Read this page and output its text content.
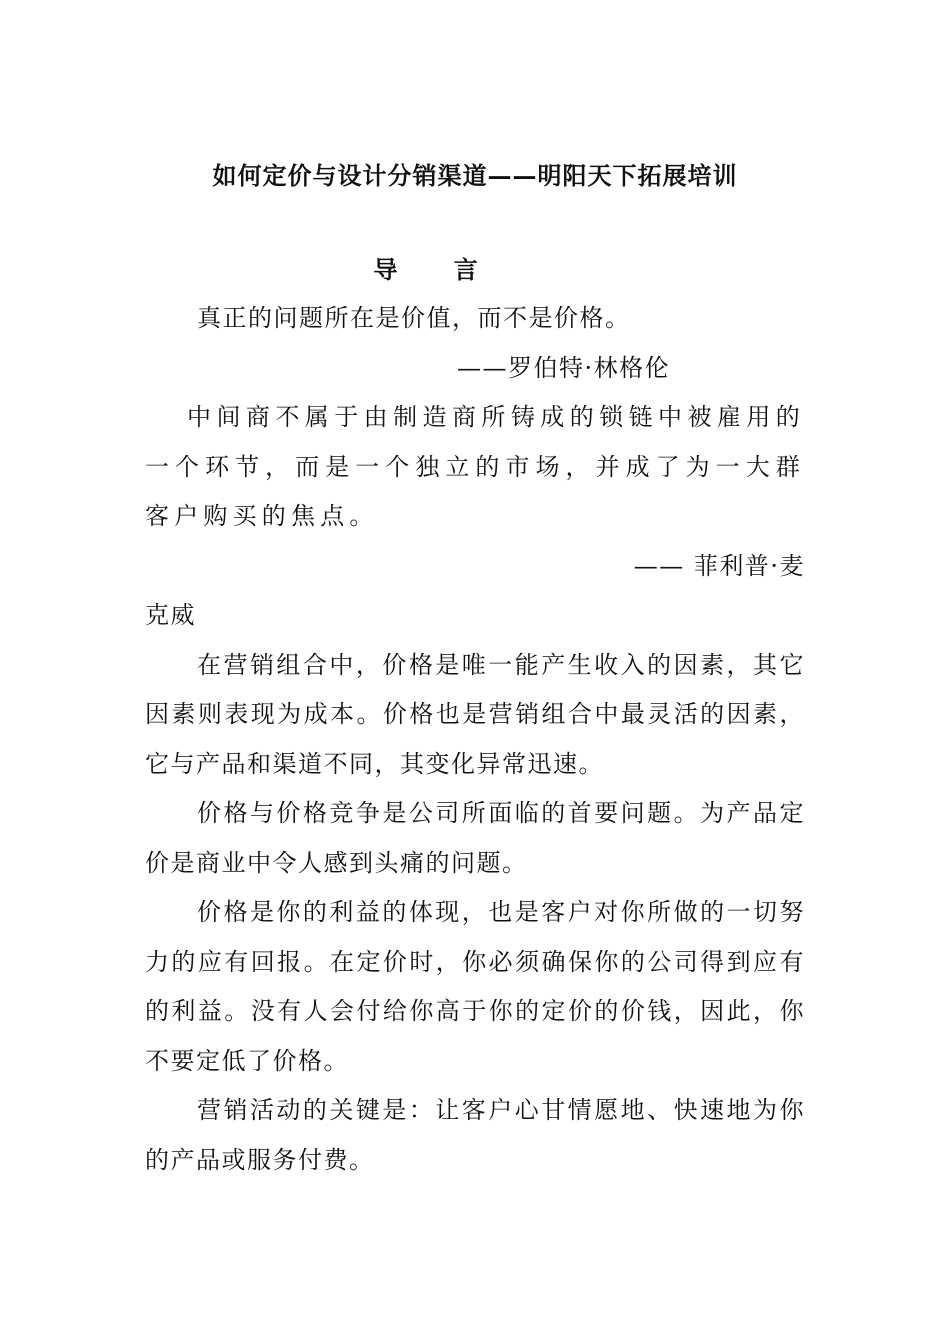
如何定价与设计分销渠道——明阳天下拓展培训
导 言

真正的问题所在是价值，而不是价格。

——罗伯特·林格伦

中间商不属于由制造商所铸成的锁链中被雇用的一个环节，而是一个独立的市场，并成了为一大群客户购买的焦点。

—— 菲利普·麦

克威

在营销组合中，价格是唯一能产生收入的因素，其它因素则表现为成本。价格也是营销组合中最灵活的因素，它与产品和渠道不同，其变化异常迅速。

价格与价格竞争是公司所面临的首要问题。为产品定价是商业中令人感到头痛的问题。

价格是你的利益的体现，也是客户对你所做的一切努力的应有回报。在定价时，你必须确保你的公司得到应有的利益。没有人会付给你高于你的定价的价钱，因此，你不要定低了价格。

营销活动的关键是：让客户心甘情愿地、快速地为你的产品或服务付费。
